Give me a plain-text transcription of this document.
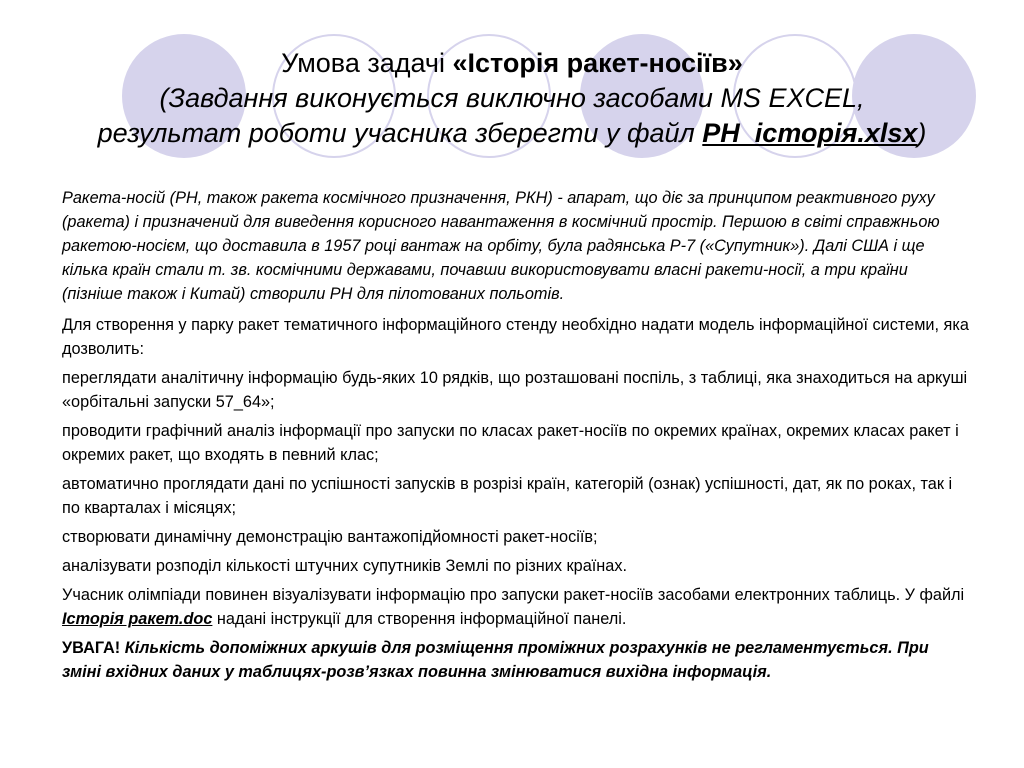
Умова задачі «Історія ракет-носіїв»
(Завдання виконується виключно засобами MS EXCEL,
результат роботи учасника зберегти у файл РН_історія.xlsx)

Ракета-носій (РН, також ракета космічного призначення, РКН) - апарат, що діє за принципом реактивного руху (ракета) і призначений для виведення корисного навантаження в космічний простір. Першою в світі справжньою ракетою-носієм, що доставила в 1957 році вантаж на орбіту, була радянська Р-7 («Супутник»). Далі США і ще кілька країн стали т. зв. космічними державами, почавши використовувати власні ракети-носії, а три країни (пізніше також і Китай) створили РН для пілотованих польотів.

Для створення у парку ракет тематичного інформаційного стенду необхідно надати модель інформаційної системи, яка дозволить:

переглядати аналітичну інформацію будь-яких 10 рядків, що розташовані поспіль, з таблиці, яка знаходиться на аркуші «орбітальні запуски 57_64»;

проводити графічний аналіз інформації про запуски по класах ракет-носіїв по окремих країнах, окремих класах ракет і окремих ракет, що входять в певний клас;

автоматично проглядати дані по успішності запусків в розрізі країн, категорій (ознак) успішності, дат, як по роках, так і по кварталах і місяцях;

створювати динамічну демонстрацію вантажопідйомності ракет-носіїв;

аналізувати розподіл кількості штучних супутників Землі по різних країнах.

Учасник олімпіади повинен візуалізувати інформацію про запуски ракет-носіїв засобами електронних таблиць. У файлі Історія ракет.doc надані інструкції для створення інформаційної панелі.

УВАГА! Кількість допоміжних аркушів для розміщення проміжних розрахунків не регламентується. При зміні вхідних даних у таблицях-розв’язках повинна змінюватися вихідна інформація.
